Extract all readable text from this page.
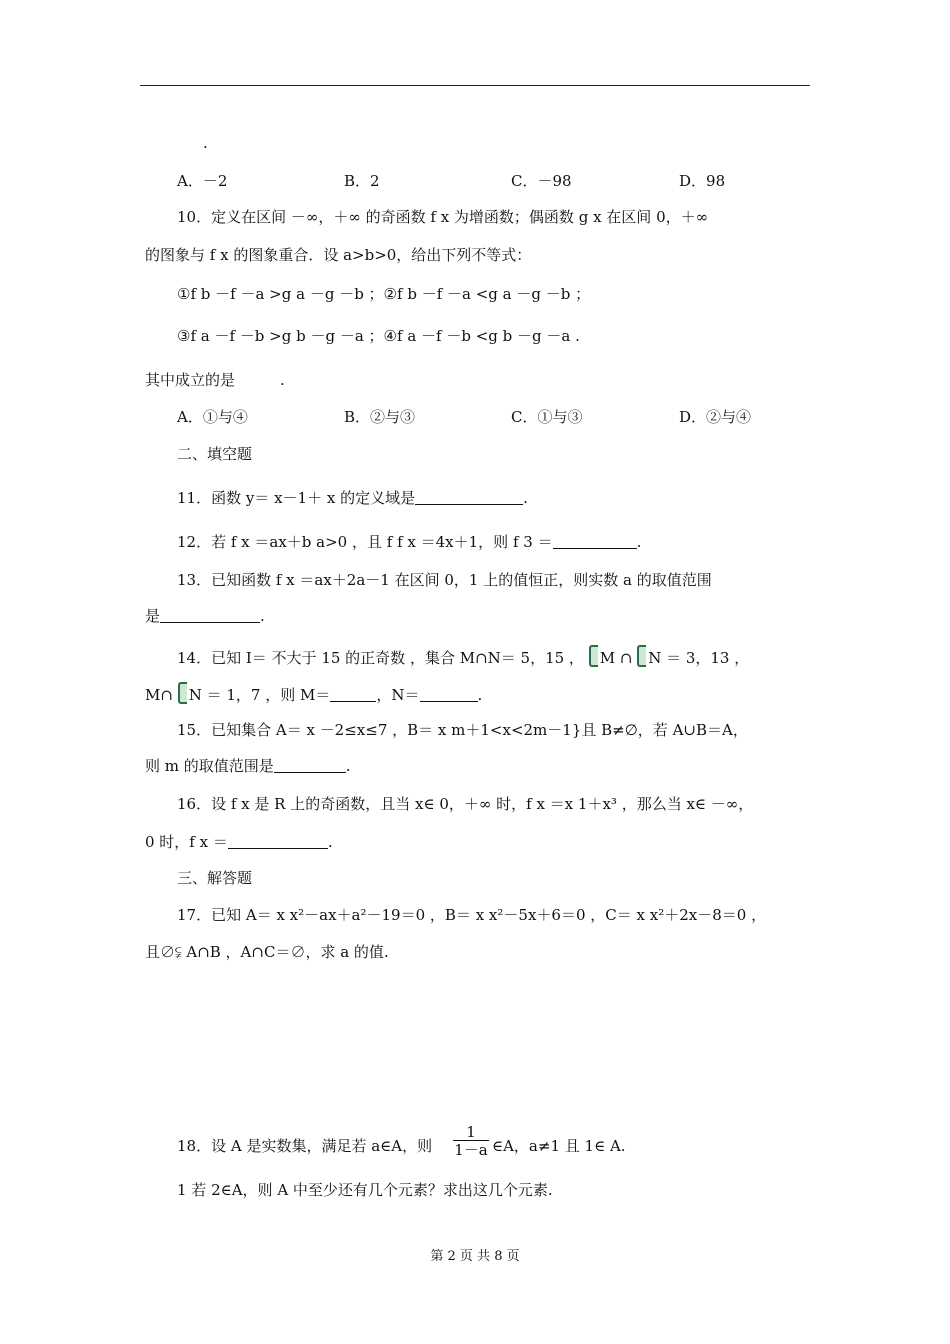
.
A．－2	B．2	C．－98	D．98
10．定义在区间 －∞，＋∞ 的奇函数 f x 为增函数；偶函数 g x 在区间 0，＋∞
的图象与 f x 的图象重合．设 a>b>0，给出下列不等式：
①f b －f －a >g a －g －b ；②f b －f －a <g a －g －b ；
③f a －f －b >g b －g －a ；④f a －f －b <g b －g －a .
其中成立的是　　　.
A．①与④	B．②与③	C．①与③	D．②与④
二、填空题
11．函数 y＝ x－1＋ x 的定义域是	.
12．若 f x ＝ax＋b a>0 ，且 f f x ＝4x＋1，则 f 3 ＝	.
13．已知函数 f x ＝ax＋2a－1 在区间 0，1 上的值恒正，则实数 a 的取值范围
是	.
14．已知 I＝ 不大于 15 的正奇数 ，集合 M∩N＝ 5，15 ， M ∩ N ＝ 3，13 ，
M∩ N ＝ 1，7 ，则 M＝	，N＝	.
15．已知集合 A＝ x －2≤x≤7 ，B＝ x m＋1<x<2m－1}且 B≠∅，若 A∪B＝A，
则 m 的取值范围是	.
16．设 f x 是 R 上的奇函数，且当 x∈ 0，＋∞ 时，f x ＝x 1＋x³ ，那么当 x∈ －∞，
0 时，f x ＝	.
三、解答题
17．已知 A＝ x x²－ax＋a²－19＝0 ，B＝ x x²－5x＋6＝0 ，C＝ x x²＋2x－8＝0 ，
且∅⫋ A∩B ，A∩C＝∅，求 a 的值.
18．设 A 是实数集，满足若 a∈A，则
1
1－a ∈A，a≠1 且 1∈ A.
1 若 2∈A，则 A 中至少还有几个元素？求出这几个元素.
第 2 页 共 8 页
